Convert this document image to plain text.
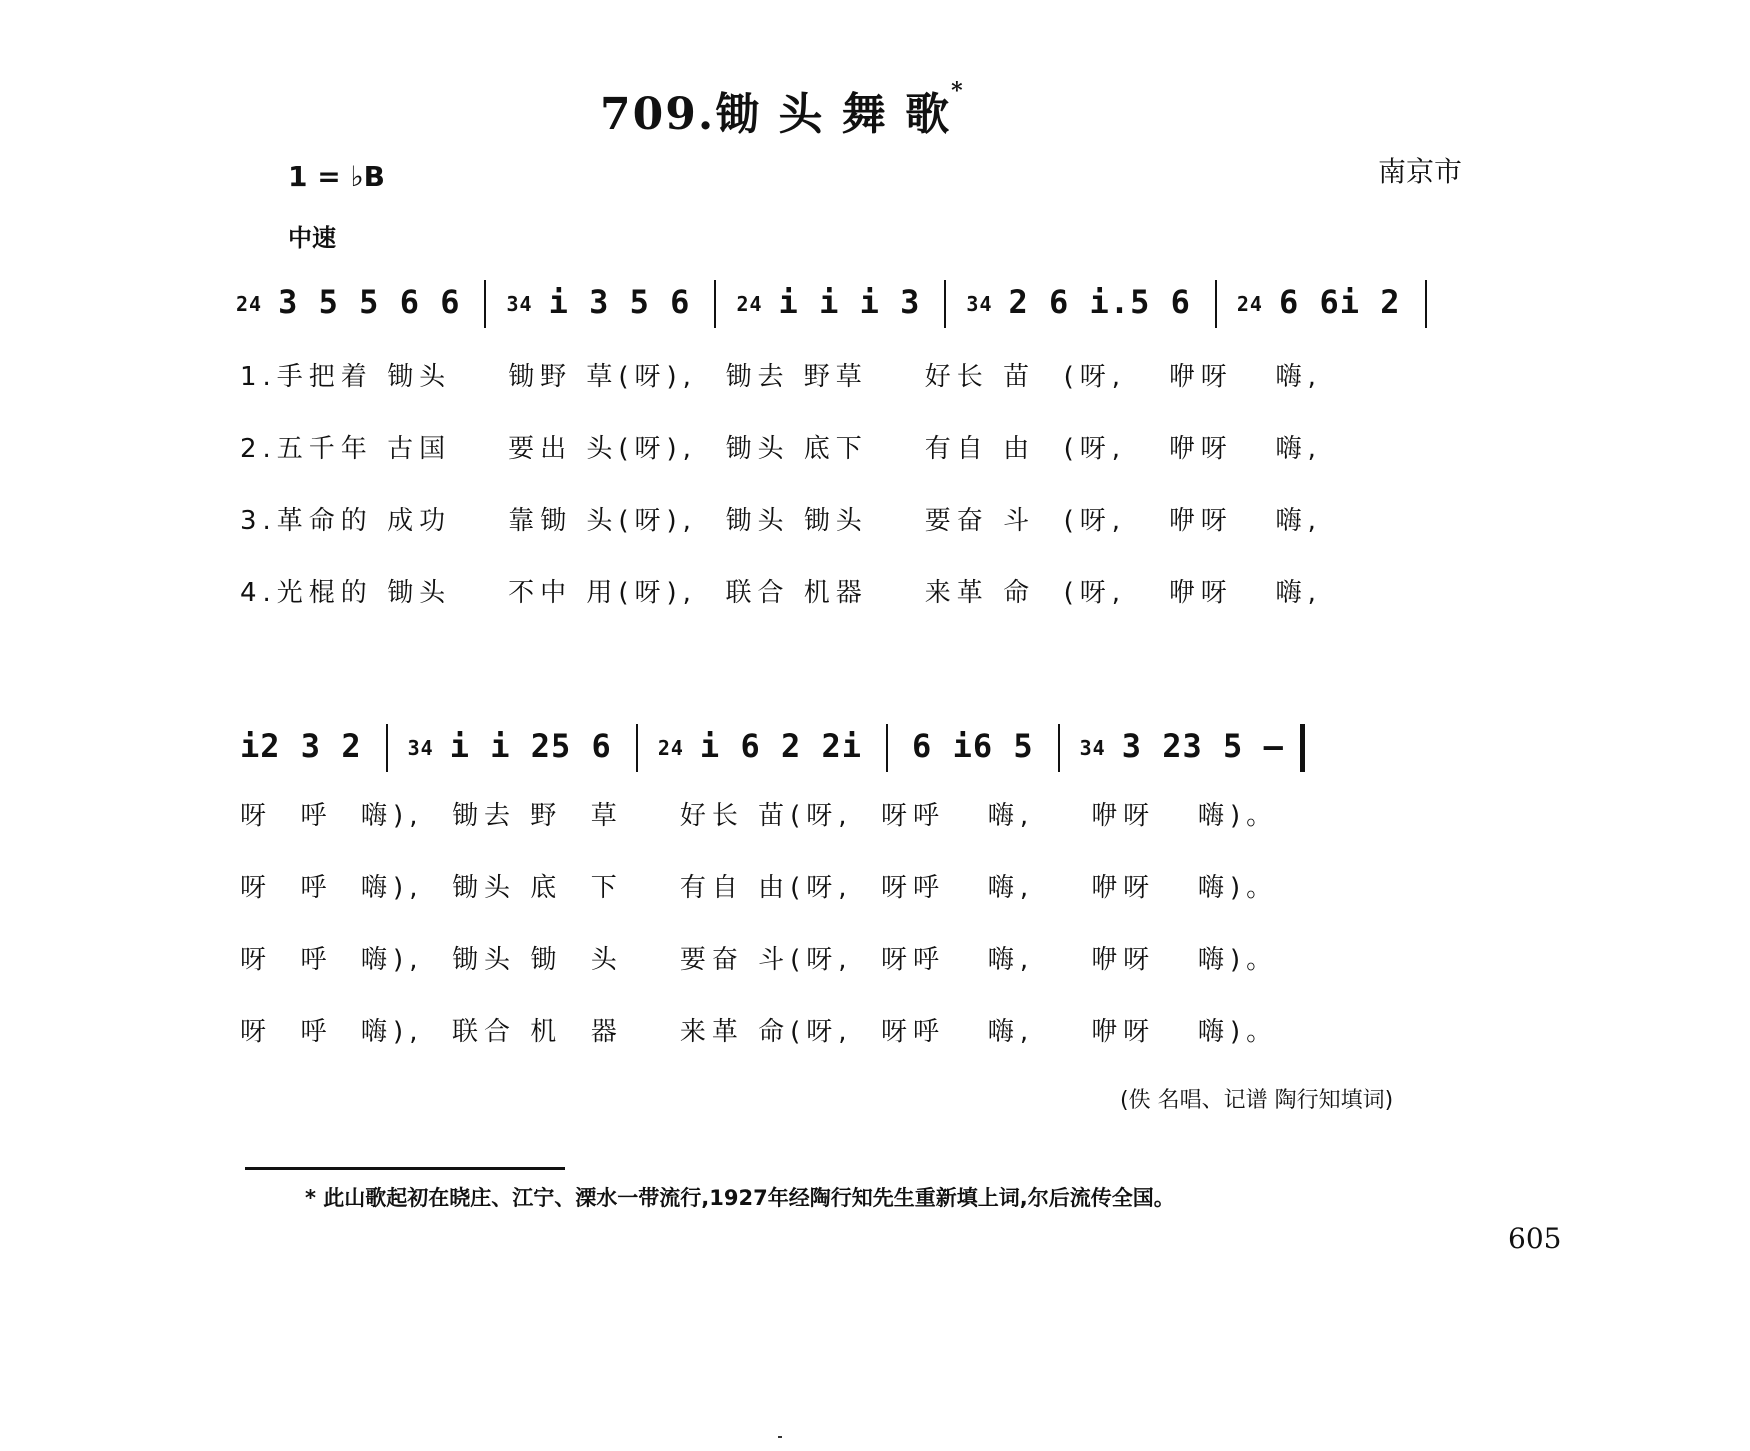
709.锄 头 舞 歌*
南京市
1 = ♭B
中速
24 3 5 5 6 6 34 i 3 5 6 24 i i i 3 34 2 6 i.5 6 24 6 6i 2
1.手把着 锄头    锄野 草(呀),  锄去 野草    好长 苗  (呀,   咿呀   嗨,
2.五千年 古国    要出 头(呀),  锄头 底下    有自 由  (呀,   咿呀   嗨,
3.革命的 成功    靠锄 头(呀),  锄头 锄头    要奋 斗  (呀,   咿呀   嗨,
4.光棍的 锄头    不中 用(呀),  联合 机器    来革 命  (呀,   咿呀   嗨,
i2 3 2 34 i i 25 6 24 i 6 2 2i 6 i6 5 34 3 23 5 –
呀  呼  嗨),  锄去 野  草    好长 苗(呀,  呀呼   嗨,    咿呀   嗨)。
呀  呼  嗨),  锄头 底  下    有自 由(呀,  呀呼   嗨,    咿呀   嗨)。
呀  呼  嗨),  锄头 锄  头    要奋 斗(呀,  呀呼   嗨,    咿呀   嗨)。
呀  呼  嗨),  联合 机  器    来革 命(呀,  呀呼   嗨,    咿呀   嗨)。
(佚 名唱、记谱 陶行知填词)
* 此山歌起初在晓庄、江宁、溧水一带流行,1927年经陶行知先生重新填上词,尔后流传全国。
605
